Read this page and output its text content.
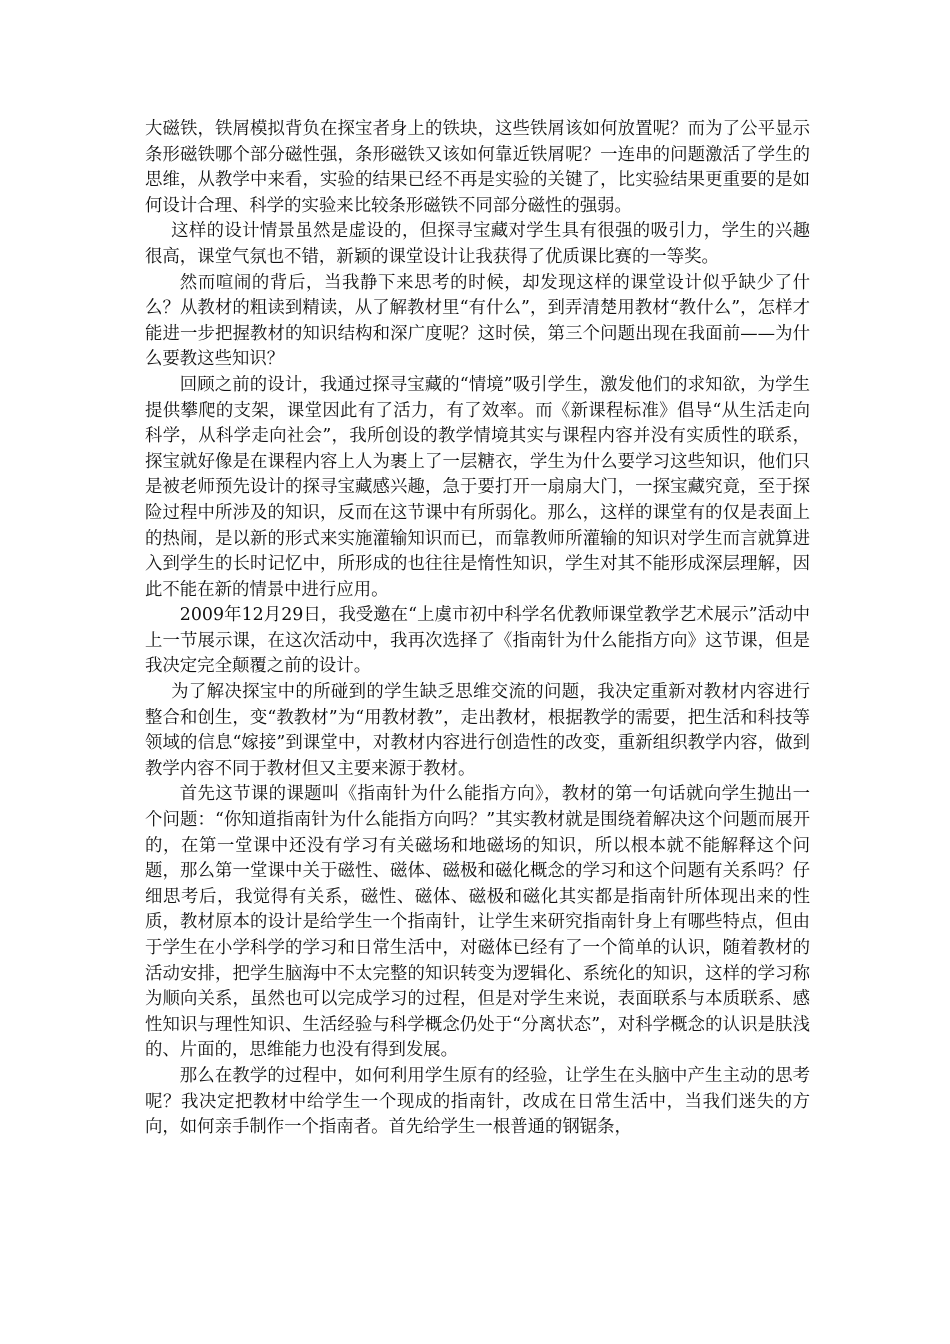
大磁铁，铁屑模拟背负在探宝者身上的铁块，这些铁屑该如何放置呢？而为了公平显示条形磁铁哪个部分磁性强，条形磁铁又该如何靠近铁屑呢？一连串的问题激活了学生的思维，从教学中来看，实验的结果已经不再是实验的关键了，比实验结果更重要的是如何设计合理、科学的实验来比较条形磁铁不同部分磁性的强弱。

这样的设计情景虽然是虚设的，但探寻宝藏对学生具有很强的吸引力，学生的兴趣很高，课堂气氛也不错，新颖的课堂设计让我获得了优质课比赛的一等奖。

然而喧闹的背后，当我静下来思考的时候，却发现这样的课堂设计似乎缺少了什么？从教材的粗读到精读，从了解教材里“有什么”，到弄清楚用教材“教什么”，怎样才能进一步把握教材的知识结构和深广度呢？这时侯，第三个问题出现在我面前——为什么要教这些知识？

回顾之前的设计，我通过探寻宝藏的“情境”吸引学生，激发他们的求知欲，为学生提供攀爬的支架，课堂因此有了活力，有了效率。而《新课程标准》倡导“从生活走向科学，从科学走向社会”，我所创设的教学情境其实与课程内容并没有实质性的联系，探宝就好像是在课程内容上人为裹上了一层糖衣，学生为什么要学习这些知识，他们只是被老师预先设计的探寻宝藏感兴趣，急于要打开一扇扇大门，一探宝藏究竟，至于探险过程中所涉及的知识，反而在这节课中有所弱化。那么，这样的课堂有的仅是表面上的热闹，是以新的形式来实施灌输知识而已，而靠教师所灌输的知识对学生而言就算进入到学生的长时记忆中，所形成的也往往是惰性知识，学生对其不能形成深层理解，因此不能在新的情景中进行应用。

2009年12月29日，我受邀在“上虞市初中科学名优教师课堂教学艺术展示”活动中上一节展示课，在这次活动中，我再次选择了《指南针为什么能指方向》这节课，但是我决定完全颠覆之前的设计。

为了解决探宝中的所碰到的学生缺乏思维交流的问题，我决定重新对教材内容进行整合和创生，变“教教材”为“用教材教”，走出教材，根据教学的需要，把生活和科技等领域的信息“嫁接”到课堂中，对教材内容进行创造性的改变，重新组织教学内容，做到教学内容不同于教材但又主要来源于教材。

首先这节课的课题叫《指南针为什么能指方向》，教材的第一句话就向学生抛出一个问题：“你知道指南针为什么能指方向吗？”其实教材就是围绕着解决这个问题而展开的，在第一堂课中还没有学习有关磁场和地磁场的知识，所以根本就不能解释这个问题，那么第一堂课中关于磁性、磁体、磁极和磁化概念的学习和这个问题有关系吗？仔细思考后，我觉得有关系，磁性、磁体、磁极和磁化其实都是指南针所体现出来的性质，教材原本的设计是给学生一个指南针，让学生来研究指南针身上有哪些特点，但由于学生在小学科学的学习和日常生活中，对磁体已经有了一个简单的认识，随着教材的活动安排，把学生脑海中不太完整的知识转变为逻辑化、系统化的知识，这样的学习称为顺向关系，虽然也可以完成学习的过程，但是对学生来说，表面联系与本质联系、感性知识与理性知识、生活经验与科学概念仍处于“分离状态”，对科学概念的认识是肤浅的、片面的，思维能力也没有得到发展。

那么在教学的过程中，如何利用学生原有的经验，让学生在头脑中产生主动的思考呢？我决定把教材中给学生一个现成的指南针，改成在日常生活中，当我们迷失的方向，如何亲手制作一个指南者。首先给学生一根普通的钢锯条，
